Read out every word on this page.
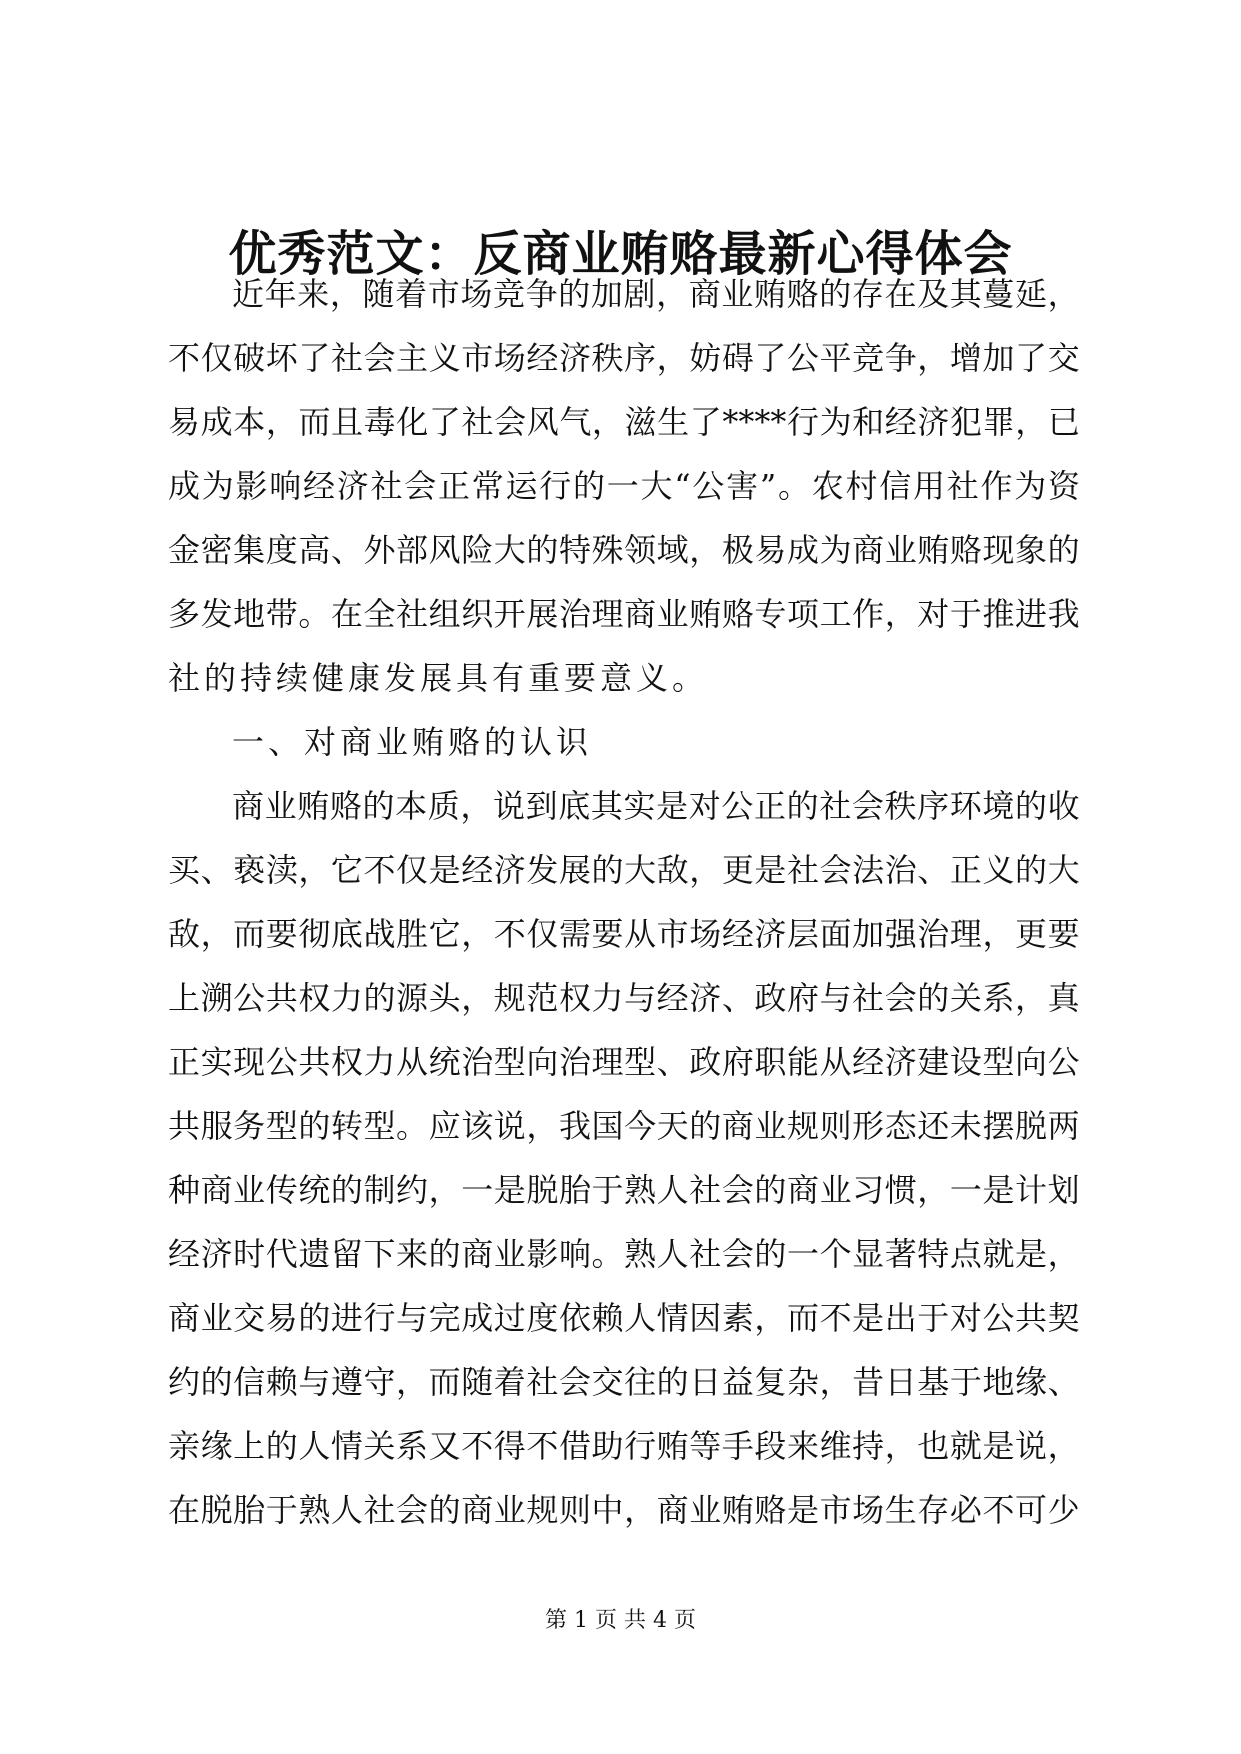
优秀范文：反商业贿赂最新心得体会
近 年 来 ， 随 着 市 场 竞 争 的 加 剧 ， 商 业 贿 赂 的 存 在 及 其 蔓 延 ，
不 仅 破 坏 了 社 会 主 义 市 场 经 济 秩 序 ， 妨 碍 了 公 平 竞 争 ， 增 加 了 交
易 成 本 ， 而 且 毒 化 了 社 会 风 气 ， 滋 生 了 **** 行 为 和 经 济 犯 罪 ， 已
成 为 影 响 经 济 社 会 正 常 运 行 的 一 大 “ 公 害 ” 。 农 村 信 用 社 作 为 资
金 密 集 度 高 、 外 部 风 险 大 的 特 殊 领 域 ， 极 易 成 为 商 业 贿 赂 现 象 的
多 发 地 带 。 在 全 社 组 织 开 展 治 理 商 业 贿 赂 专 项 工 作 ， 对 于 推 进 我
社的持续健康发展具有重要意义。
一、对商业贿赂的认识
商 业 贿 赂 的 本 质 ， 说 到 底 其 实 是 对 公 正 的 社 会 秩 序 环 境 的 收
买 、 亵 渎 ， 它 不 仅 是 经 济 发 展 的 大 敌 ， 更 是 社 会 法 治 、 正 义 的 大
敌 ， 而 要 彻 底 战 胜 它 ， 不 仅 需 要 从 市 场 经 济 层 面 加 强 治 理 ， 更 要
上 溯 公 共 权 力 的 源 头 ， 规 范 权 力 与 经 济 、 政 府 与 社 会 的 关 系 ， 真
正 实 现 公 共 权 力 从 统 治 型 向 治 理 型 、 政 府 职 能 从 经 济 建 设 型 向 公
共 服 务 型 的 转 型 。 应 该 说 ， 我 国 今 天 的 商 业 规 则 形 态 还 未 摆 脱 两
种 商 业 传 统 的 制 约 ， 一 是 脱 胎 于 熟 人 社 会 的 商 业 习 惯 ， 一 是 计 划
经 济 时 代 遗 留 下 来 的 商 业 影 响 。 熟 人 社 会 的 一 个 显 著 特 点 就 是 ，
商 业 交 易 的 进 行 与 完 成 过 度 依 赖 人 情 因 素 ， 而 不 是 出 于 对 公 共 契
约 的 信 赖 与 遵 守 ， 而 随 着 社 会 交 往 的 日 益 复 杂 ， 昔 日 基 于 地 缘 、
亲 缘 上 的 人 情 关 系 又 不 得 不 借 助 行 贿 等 手 段 来 维 持 ， 也 就 是 说 ，
在 脱 胎 于 熟 人 社 会 的 商 业 规 则 中 ， 商 业 贿 赂 是 市 场 生 存 必 不 可 少
第 1 页 共 4 页
